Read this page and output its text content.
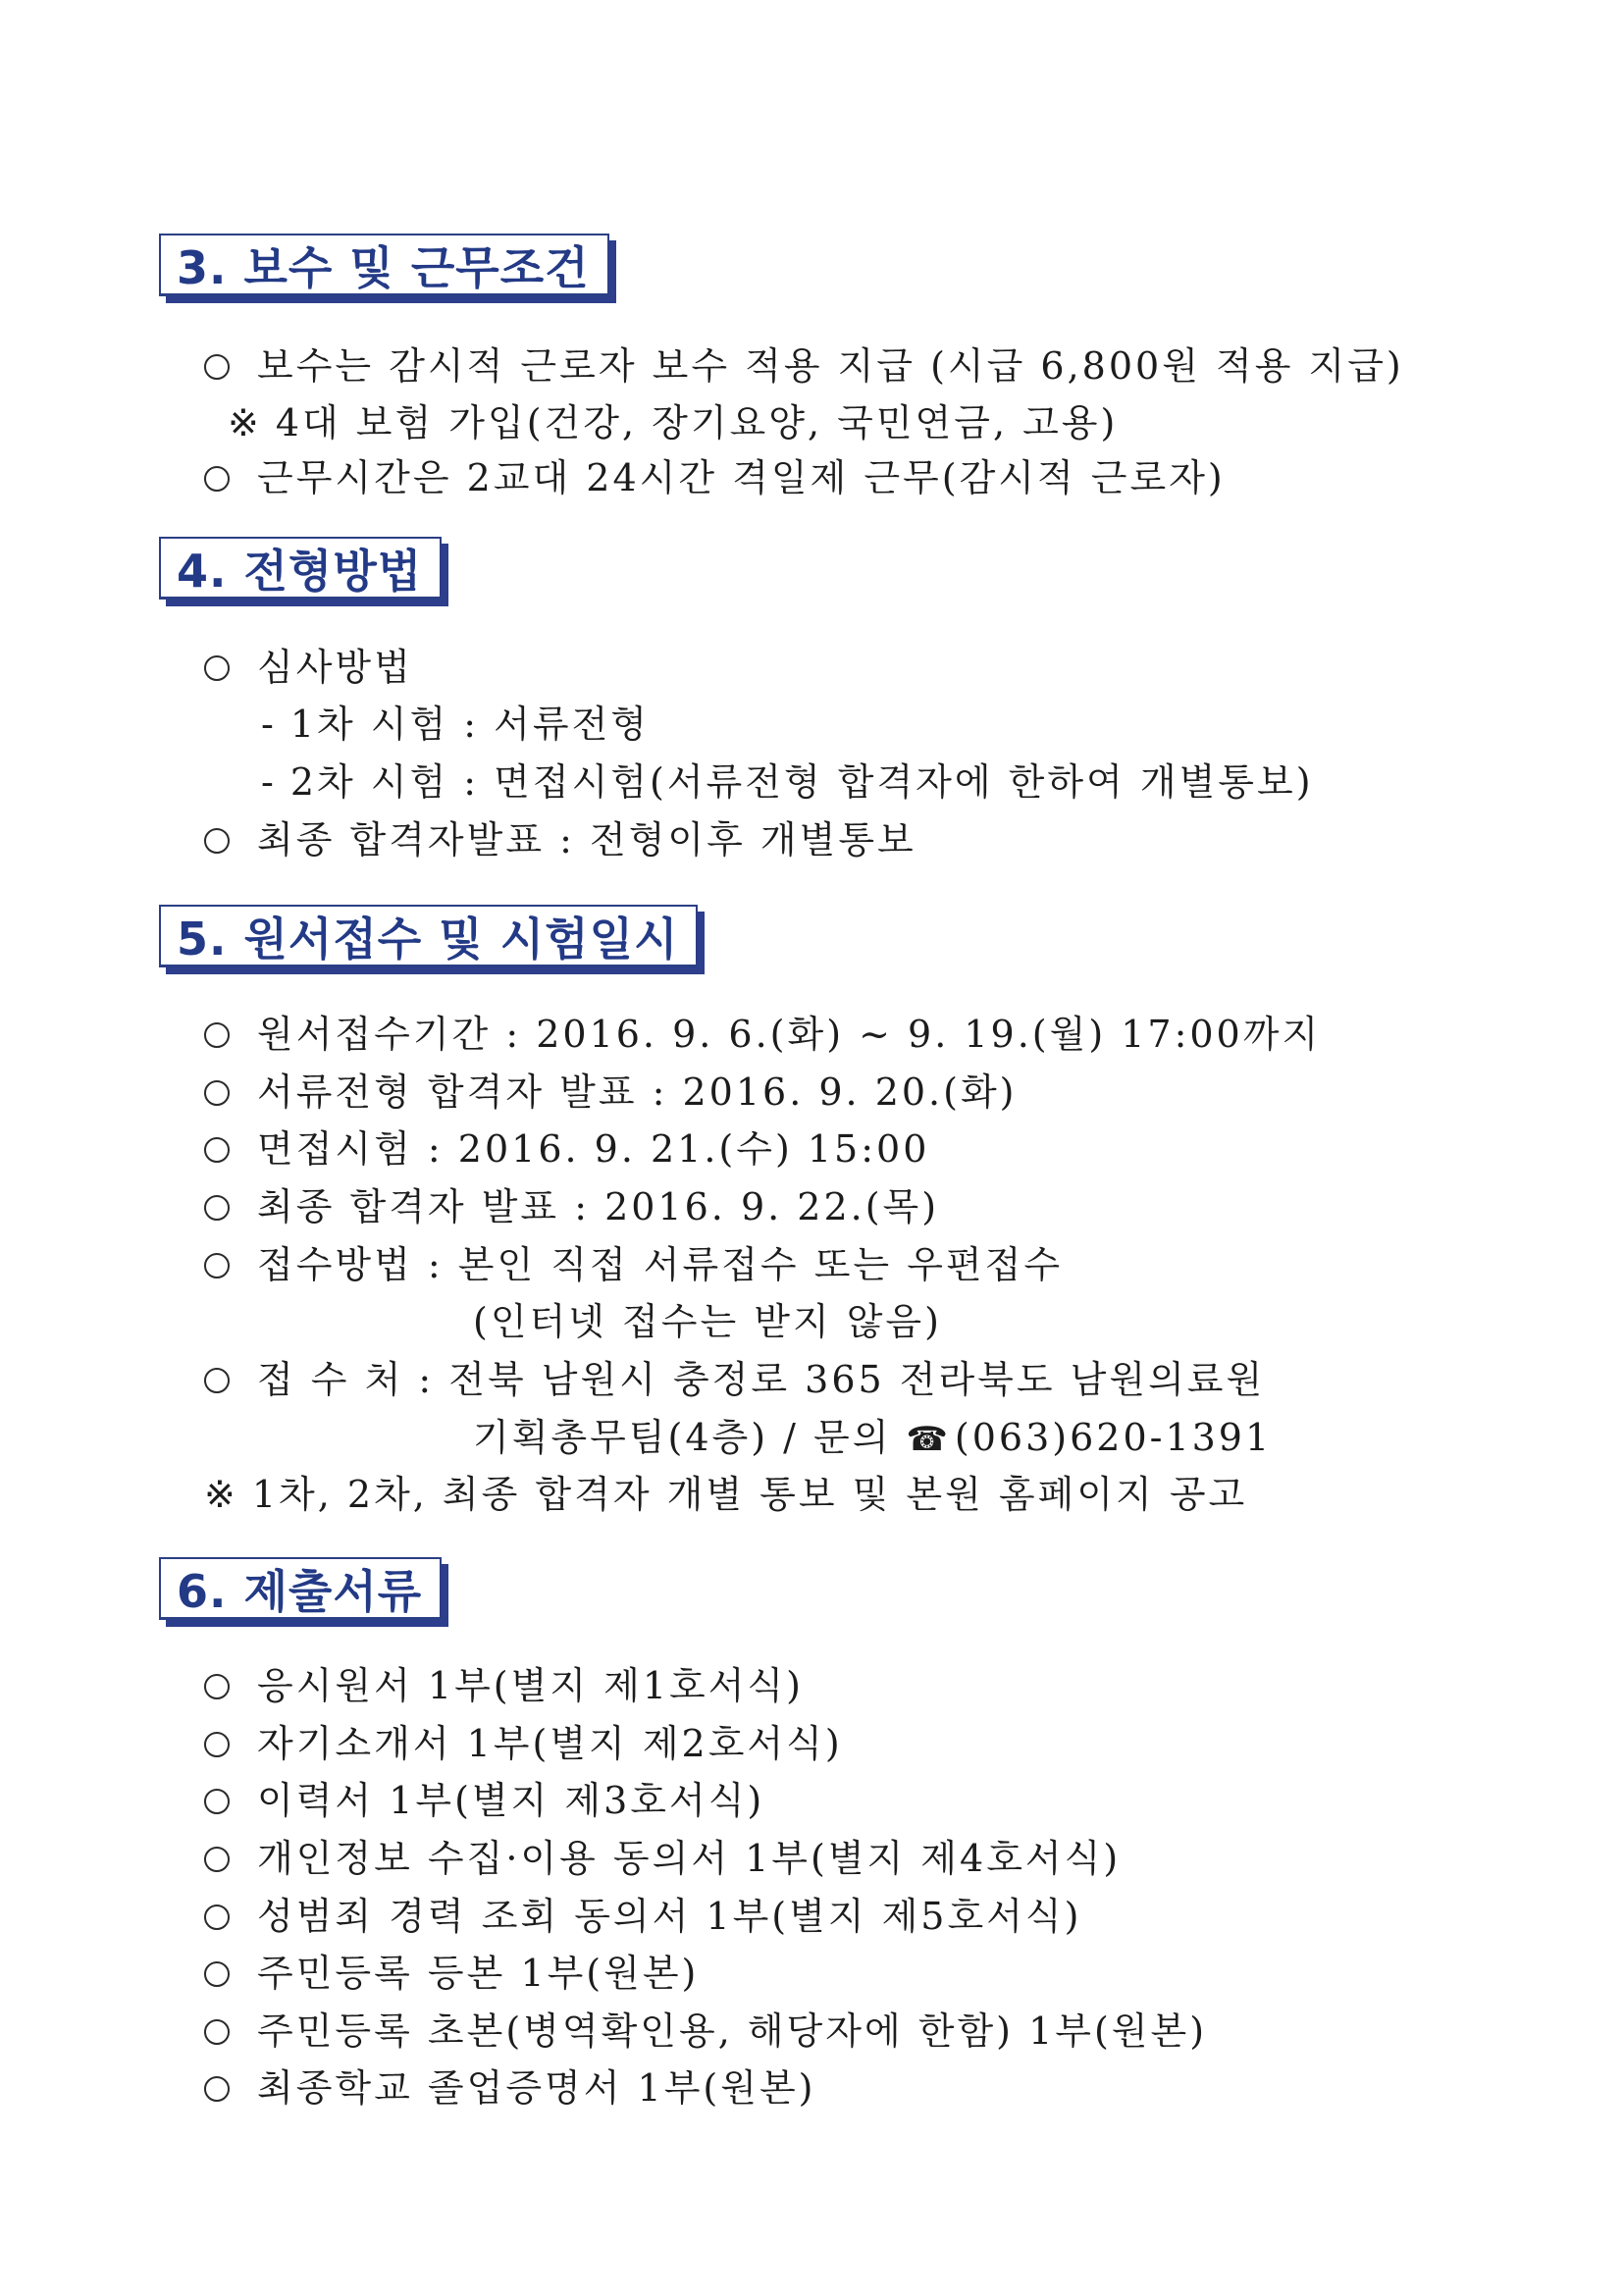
3. 보수 및 근무조건
보수는 감시적 근로자 보수 적용 지급 (시급 6,800원 적용 지급)
※ 4대 보험 가입(건강, 장기요양, 국민연금, 고용)
근무시간은 2교대 24시간 격일제 근무(감시적 근로자)
4. 전형방법
심사방법
- 1차 시험 : 서류전형
- 2차 시험 : 면접시험(서류전형 합격자에 한하여 개별통보)
최종 합격자발표 : 전형이후 개별통보
5. 원서접수 및 시험일시
원서접수기간 : 2016. 9. 6.(화) ~ 9. 19.(월) 17:00까지
서류전형 합격자 발표 : 2016. 9. 20.(화)
면접시험 : 2016. 9. 21.(수) 15:00
최종 합격자 발표 : 2016. 9. 22.(목)
접수방법 : 본인 직접 서류접수 또는 우편접수
(인터넷 접수는 받지 않음)
접 수 처 : 전북 남원시 충정로 365 전라북도 남원의료원
기획총무팀(4층) / 문의 ☎ (063)620-1391
※ 1차, 2차, 최종 합격자 개별 통보 및 본원 홈페이지 공고
6. 제출서류
응시원서 1부(별지 제1호서식)
자기소개서 1부(별지 제2호서식)
이력서 1부(별지 제3호서식)
개인정보 수집·이용 동의서 1부(별지 제4호서식)
성범죄 경력 조회 동의서 1부(별지 제5호서식)
주민등록 등본 1부(원본)
주민등록 초본(병역확인용, 해당자에 한함) 1부(원본)
최종학교 졸업증명서 1부(원본)
